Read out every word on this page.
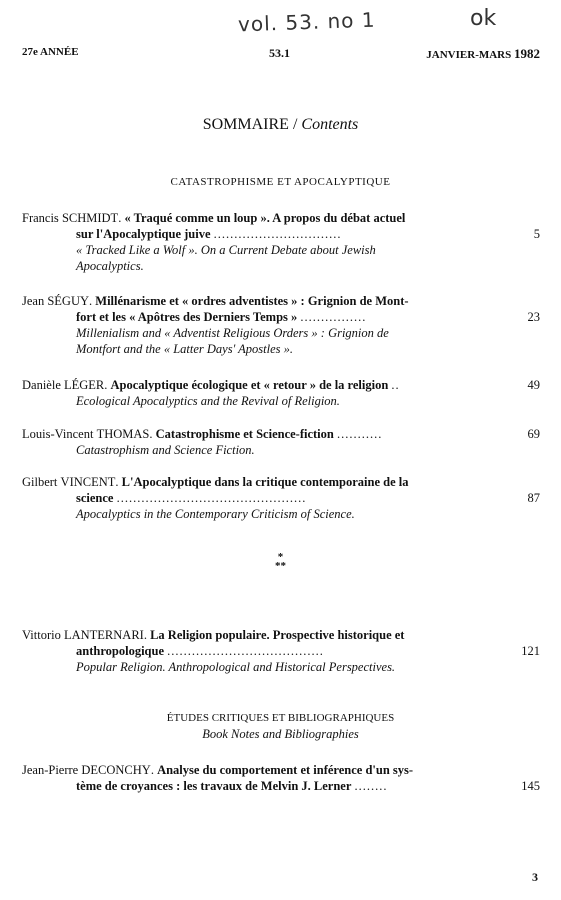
vol. 53. no 1	ok
27e ANNÉE	53.1	JANVIER-MARS 1982
SOMMAIRE / Contents
CATASTROPHISME ET APOCALYPTIQUE
Francis SCHMIDT. « Traqué comme un loup ». A propos du débat actuel
sur l'Apocalyptique juive ...............................	5
« Tracked Like a Wolf ». On a Current Debate about Jewish
Apocalyptics.
Jean SÉGUY. Millénarisme et « ordres adventistes » : Grignion de Mont-
fort et les « Apôtres des Derniers Temps » ................	23
Millenialism and « Adventist Religious Orders » : Grignion de
Montfort and the « Latter Days' Apostles ».
Danièle LÉGER. Apocalyptique écologique et « retour » de la religion ..	49
Ecological Apocalyptics and the Revival of Religion.
Louis-Vincent THOMAS. Catastrophisme et Science-fiction ...........	69
Catastrophism and Science Fiction.
Gilbert VINCENT. L'Apocalyptique dans la critique contemporaine de la
science ..............................................	87
Apocalyptics in the Contemporary Criticism of Science.
*
**
Vittorio LANTERNARI. La Religion populaire. Prospective historique et
anthropologique ......................................	121
Popular Religion. Anthropological and Historical Perspectives.
ÉTUDES CRITIQUES ET BIBLIOGRAPHIQUES
Book Notes and Bibliographies
Jean-Pierre DECONCHY. Analyse du comportement et inférence d'un sys-
tème de croyances : les travaux de Melvin J. Lerner ........	145
3
